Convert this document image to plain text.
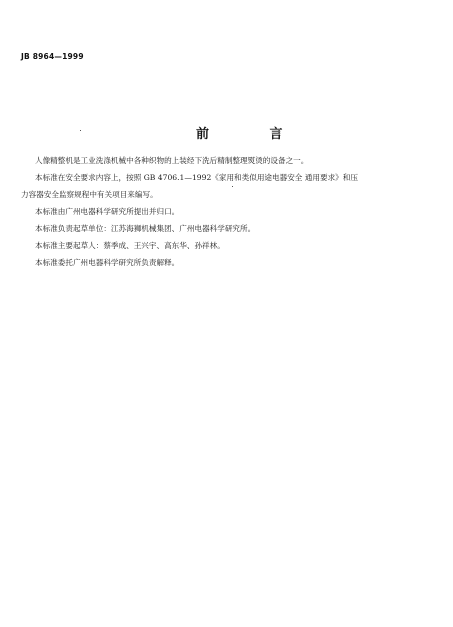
JB 8964—1999
前 言

人像精整机是工业洗涤机械中各种织物的上装经下洗后精制整理熨烫的设备之一。

本标准在安全要求内容上，按照 GB 4706.1—1992《家用和类似用途电器安全 通用要求》和压

力容器安全监察规程中有关项目来编写。

本标准由广州电器科学研究所提出并归口。

本标准负责起草单位：江苏海狮机械集团、广州电器科学研究所。

本标准主要起草人：蔡季成、王兴宇、高东华、孙祥林。

本标准委托广州电器科学研究所负责解释。
